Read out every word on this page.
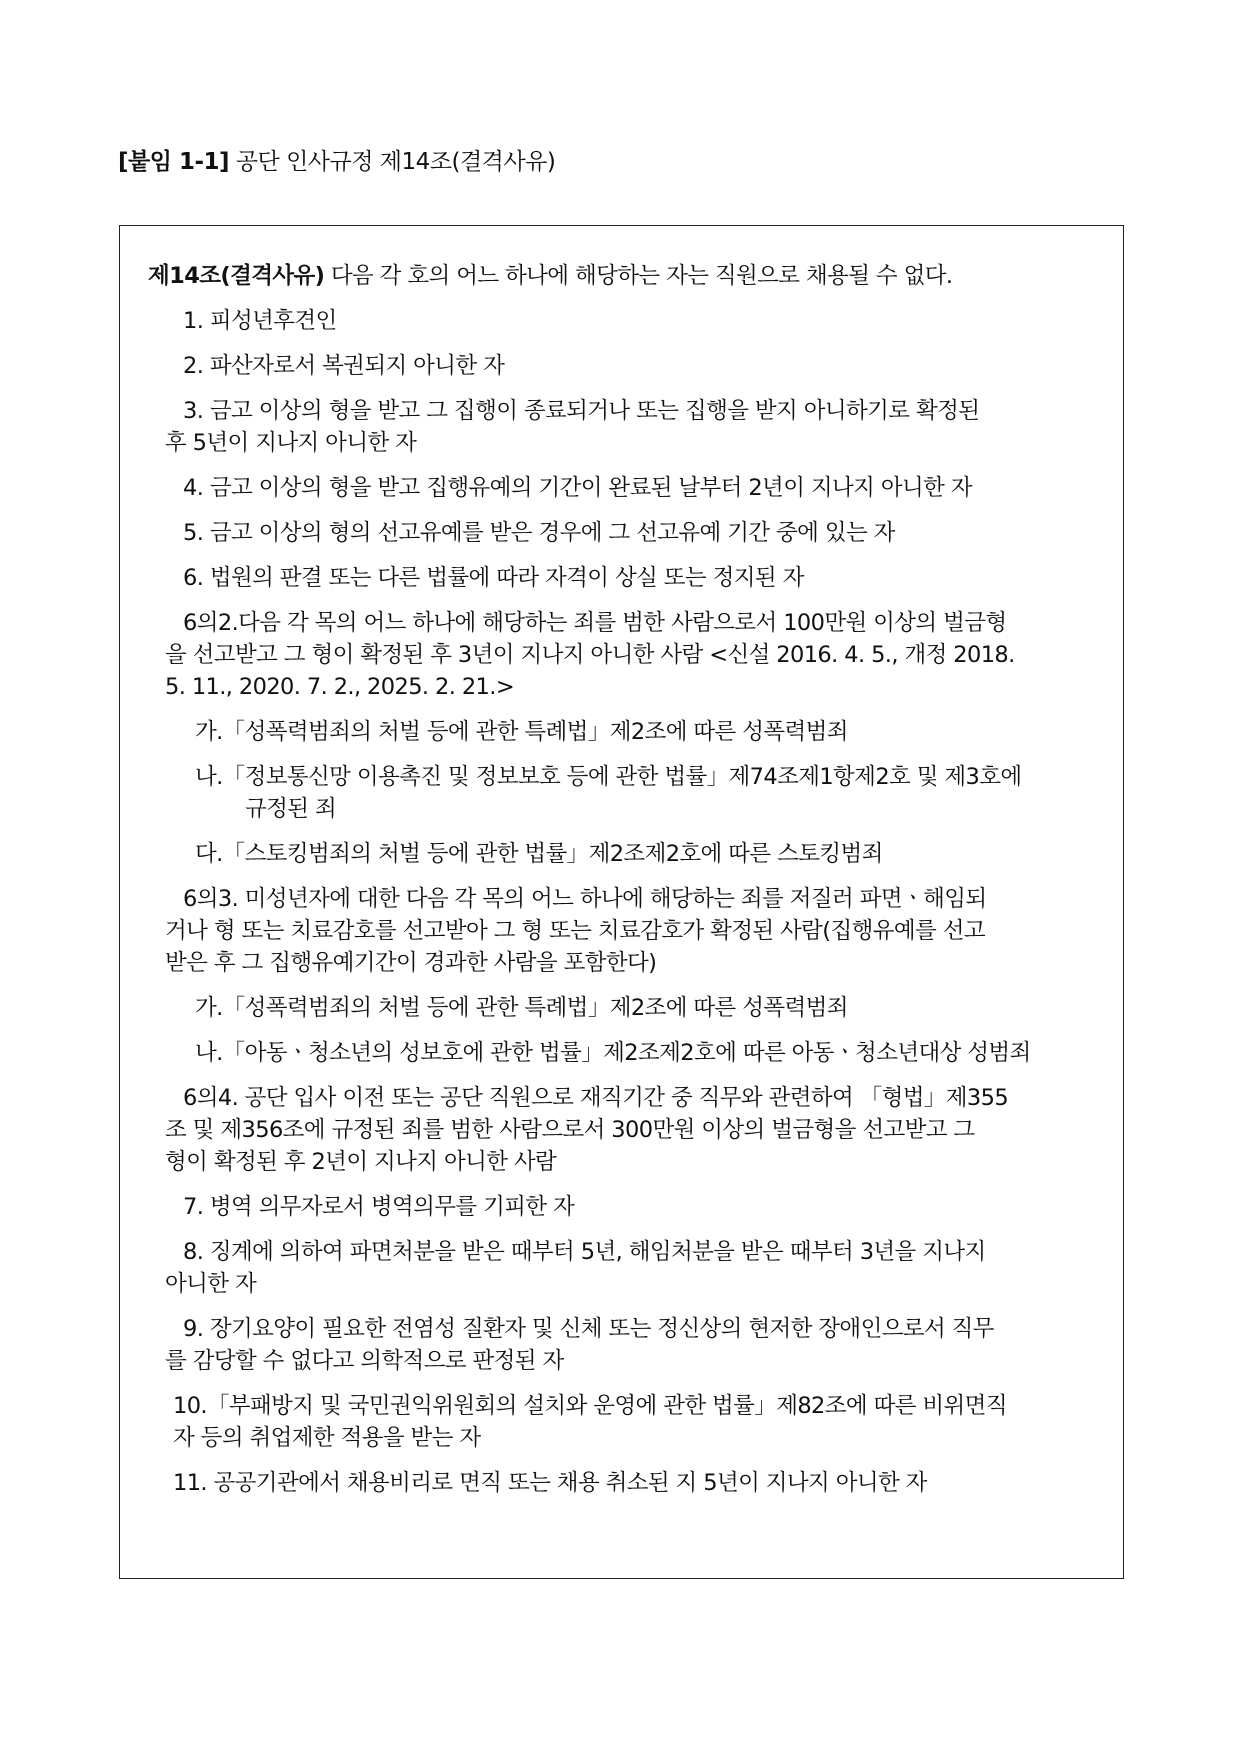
[붙임 1-1] 공단 인사규정 제14조(결격사유)
제14조(결격사유) 다음 각 호의 어느 하나에 해당하는 자는 직원으로 채용될 수 없다.
1. 피성년후견인
2. 파산자로서 복권되지 아니한 자
3. 금고 이상의 형을 받고 그 집행이 종료되거나 또는 집행을 받지 아니하기로 확정된
후 5년이 지나지 아니한 자
4. 금고 이상의 형을 받고 집행유예의 기간이 완료된 날부터 2년이 지나지 아니한 자
5. 금고 이상의 형의 선고유예를 받은 경우에 그 선고유예 기간 중에 있는 자
6. 법원의 판결 또는 다른 법률에 따라 자격이 상실 또는 정지된 자
6의2.다음 각 목의 어느 하나에 해당하는 죄를 범한 사람으로서 100만원 이상의 벌금형
을 선고받고 그 형이 확정된 후 3년이 지나지 아니한 사람 <신설 2016. 4. 5., 개정 2018.
5. 11., 2020. 7. 2., 2025. 2. 21.>
가.「성폭력범죄의 처벌 등에 관한 특례법」제2조에 따른 성폭력범죄
나.「정보통신망 이용촉진 및 정보보호 등에 관한 법률」제74조제1항제2호 및 제3호에
규정된 죄
다.「스토킹범죄의 처벌 등에 관한 법률」제2조제2호에 따른 스토킹범죄
6의3. 미성년자에 대한 다음 각 목의 어느 하나에 해당하는 죄를 저질러 파면ㆍ해임되
거나 형 또는 치료감호를 선고받아 그 형 또는 치료감호가 확정된 사람(집행유예를 선고
받은 후 그 집행유예기간이 경과한 사람을 포함한다)
가.「성폭력범죄의 처벌 등에 관한 특례법」제2조에 따른 성폭력범죄
나.「아동ㆍ청소년의 성보호에 관한 법률」제2조제2호에 따른 아동ㆍ청소년대상 성범죄
6의4. 공단 입사 이전 또는 공단 직원으로 재직기간 중 직무와 관련하여 「형법」제355
조 및 제356조에 규정된 죄를 범한 사람으로서 300만원 이상의 벌금형을 선고받고 그
형이 확정된 후 2년이 지나지 아니한 사람
7. 병역 의무자로서 병역의무를 기피한 자
8. 징계에 의하여 파면처분을 받은 때부터 5년, 해임처분을 받은 때부터 3년을 지나지
아니한 자
9. 장기요양이 필요한 전염성 질환자 및 신체 또는 정신상의 현저한 장애인으로서 직무
를 감당할 수 없다고 의학적으로 판정된 자
10.「부패방지 및 국민권익위원회의 설치와 운영에 관한 법률」제82조에 따른 비위면직
자 등의 취업제한 적용을 받는 자
11. 공공기관에서 채용비리로 면직 또는 채용 취소된 지 5년이 지나지 아니한 자
